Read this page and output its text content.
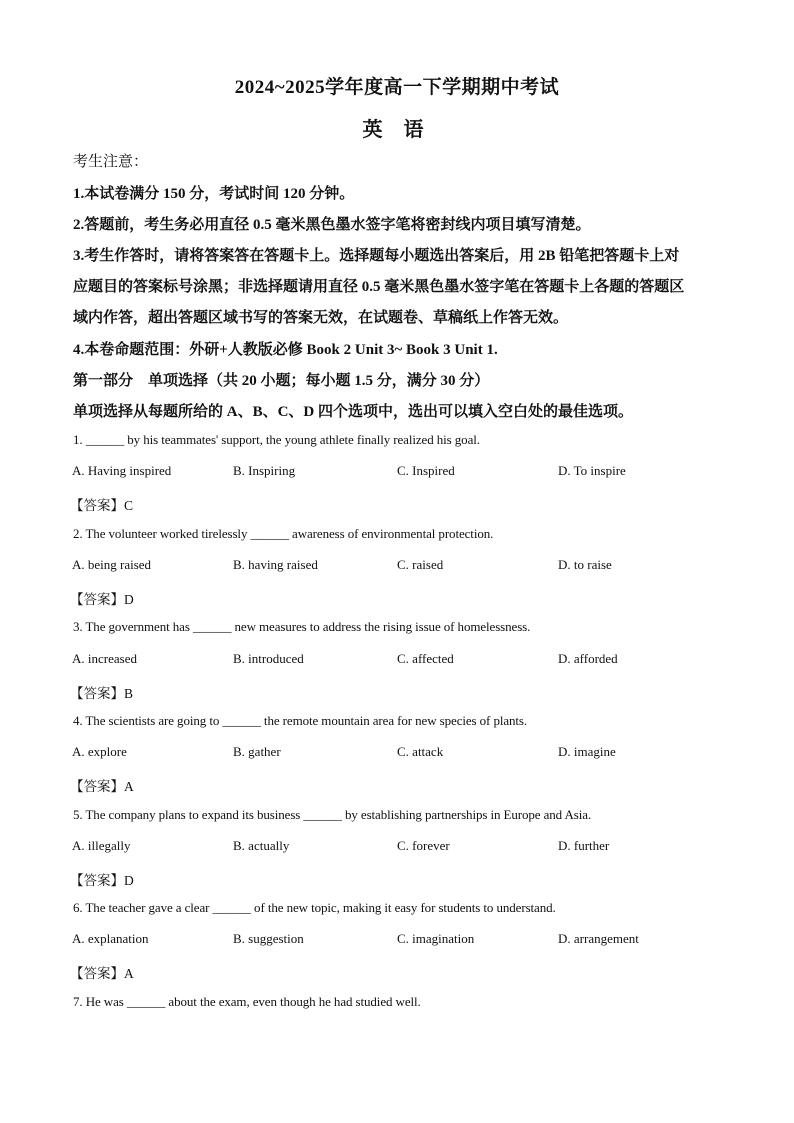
2024~2025学年度高一下学期期中考试
英 语
考生注意：
1.本试卷满分 150 分，考试时间 120 分钟。
2.答题前，考生务必用直径 0.5 毫米黑色墨水签字笔将密封线内项目填写清楚。
3.考生作答时，请将答案答在答题卡上。选择题每小题选出答案后，用 2B 铅笔把答题卡上对
应题目的答案标号涂黑；非选择题请用直径 0.5 毫米黑色墨水签字笔在答题卡上各题的答题区
域内作答，超出答题区域书写的答案无效，在试题卷、草稿纸上作答无效。
4.本卷命题范围：外研+人教版必修 Book 2 Unit 3~ Book 3 Unit 1.
第一部分　单项选择（共 20 小题；每小题 1.5 分，满分 30 分）
单项选择从每题所给的 A、B、C、D 四个选项中，选出可以填入空白处的最佳选项。
1. ______ by his teammates' support, the young athlete finally realized his goal.
A. Having inspired	B. Inspiring	C. Inspired	D. To inspire
【答案】C
2. The volunteer worked tirelessly ______ awareness of environmental protection.
A. being raised	B. having raised	C. raised	D. to raise
【答案】D
3. The government has ______ new measures to address the rising issue of homelessness.
A. increased	B. introduced	C. affected	D. afforded
【答案】B
4. The scientists are going to ______ the remote mountain area for new species of plants.
A. explore	B. gather	C. attack	D. imagine
【答案】A
5. The company plans to expand its business ______ by establishing partnerships in Europe and Asia.
A. illegally	B. actually	C. forever	D. further
【答案】D
6. The teacher gave a clear ______ of the new topic, making it easy for students to understand.
A. explanation	B. suggestion	C. imagination	D. arrangement
【答案】A
7. He was ______ about the exam, even though he had studied well.
